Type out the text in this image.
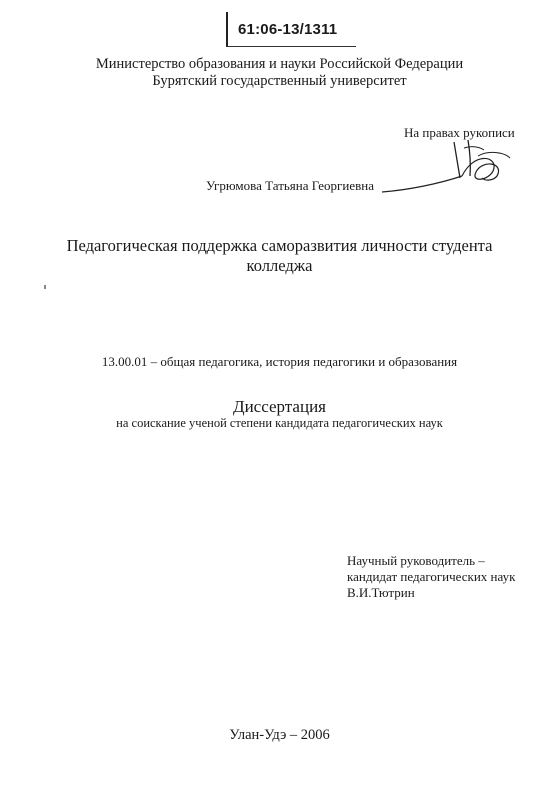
61:06-13/1311
Министерство образования и науки Российской Федерации
Бурятский государственный университет
На правах рукописи
Угрюмова Татьяна Георгиевна
Педагогическая поддержка саморазвития личности студента
колледжа
13.00.01 – общая педагогика, история педагогики и образования
Диссертация
на соискание ученой степени кандидата педагогических наук
Научный руководитель –
кандидат педагогических наук
В.И.Тютрин
Улан-Удэ – 2006
